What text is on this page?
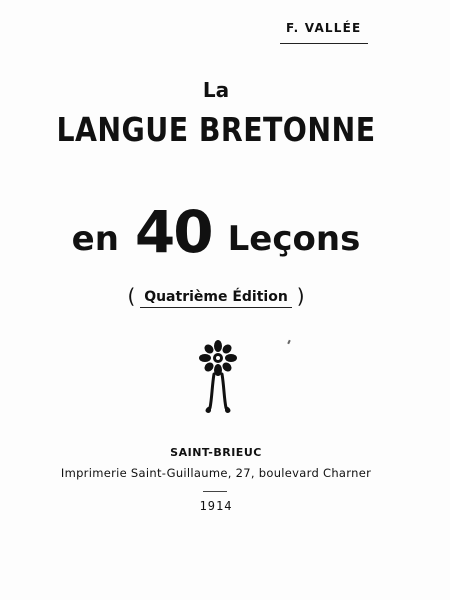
F. VALLÉE
La
LANGUE BRETONNE
en 40 Leçons
( Quatrième Édition )
SAINT-BRIEUC
Imprimerie Saint-Guillaume, 27, boulevard Charner
1914
